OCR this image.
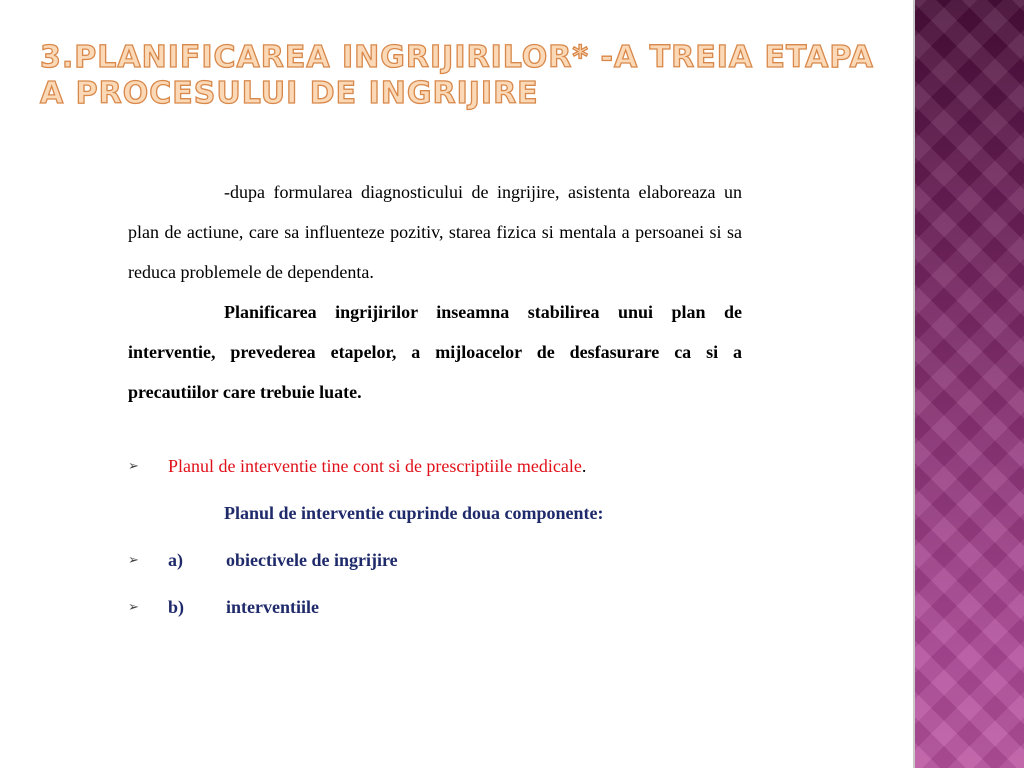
3.PLANIFICAREA INGRIJIRILOR* -A TREIA ETAPA A PROCESULUI DE INGRIJIRE

-dupa formularea diagnosticului de ingrijire, asistenta elaboreaza un plan de actiune, care sa influenteze pozitiv, starea fizica si mentala a persoanei si sa reduca problemele de dependenta.

Planificarea ingrijirilor inseamna stabilirea unui plan de interventie, prevederea etapelor, a mijloacelor de desfasurare ca si a precautiilor care trebuie luate.

➢ Planul de interventie tine cont si de prescriptiile medicale.

Planul de interventie cuprinde doua componente:

➢ a) obiectivele de ingrijire

➢ b) interventiile
